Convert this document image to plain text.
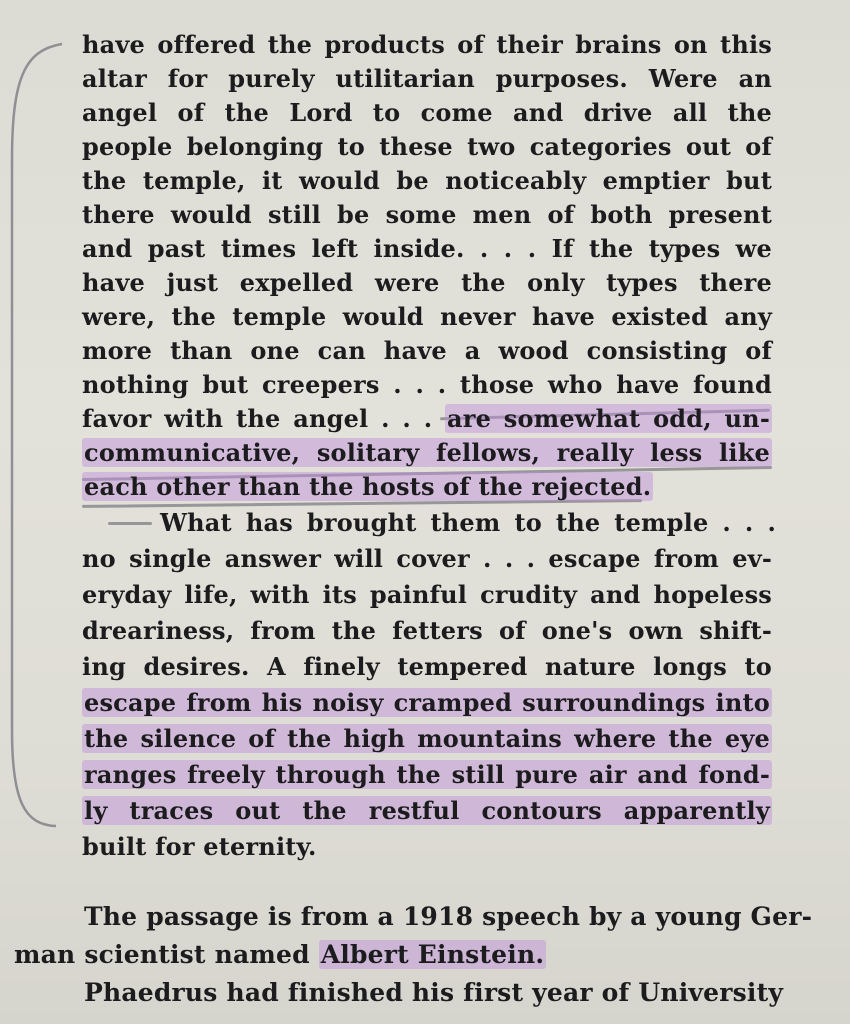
have offered the products of their brains on this
altar for purely utilitarian purposes. Were an
angel of the Lord to come and drive all the
people belonging to these two categories out of
the temple, it would be noticeably emptier but
there would still be some men of both present
and past times left inside. . . . If the types we
have just expelled were the only types there
were, the temple would never have existed any
more than one can have a wood consisting of
nothing but creepers . . . those who have found
favor with the angel . . . are somewhat odd, un-
communicative, solitary fellows, really less like
each other than the hosts of the rejected.
What has brought them to the temple . . .
no single answer will cover . . . escape from ev-
eryday life, with its painful crudity and hopeless
dreariness, from the fetters of one's own shift-
ing desires. A finely tempered nature longs to
escape from his noisy cramped surroundings into
the silence of the high mountains where the eye
ranges freely through the still pure air and fond-
ly traces out the restful contours apparently
built for eternity.
The passage is from a 1918 speech by a young Ger-
man scientist named Albert Einstein.
Phaedrus had finished his first year of University
